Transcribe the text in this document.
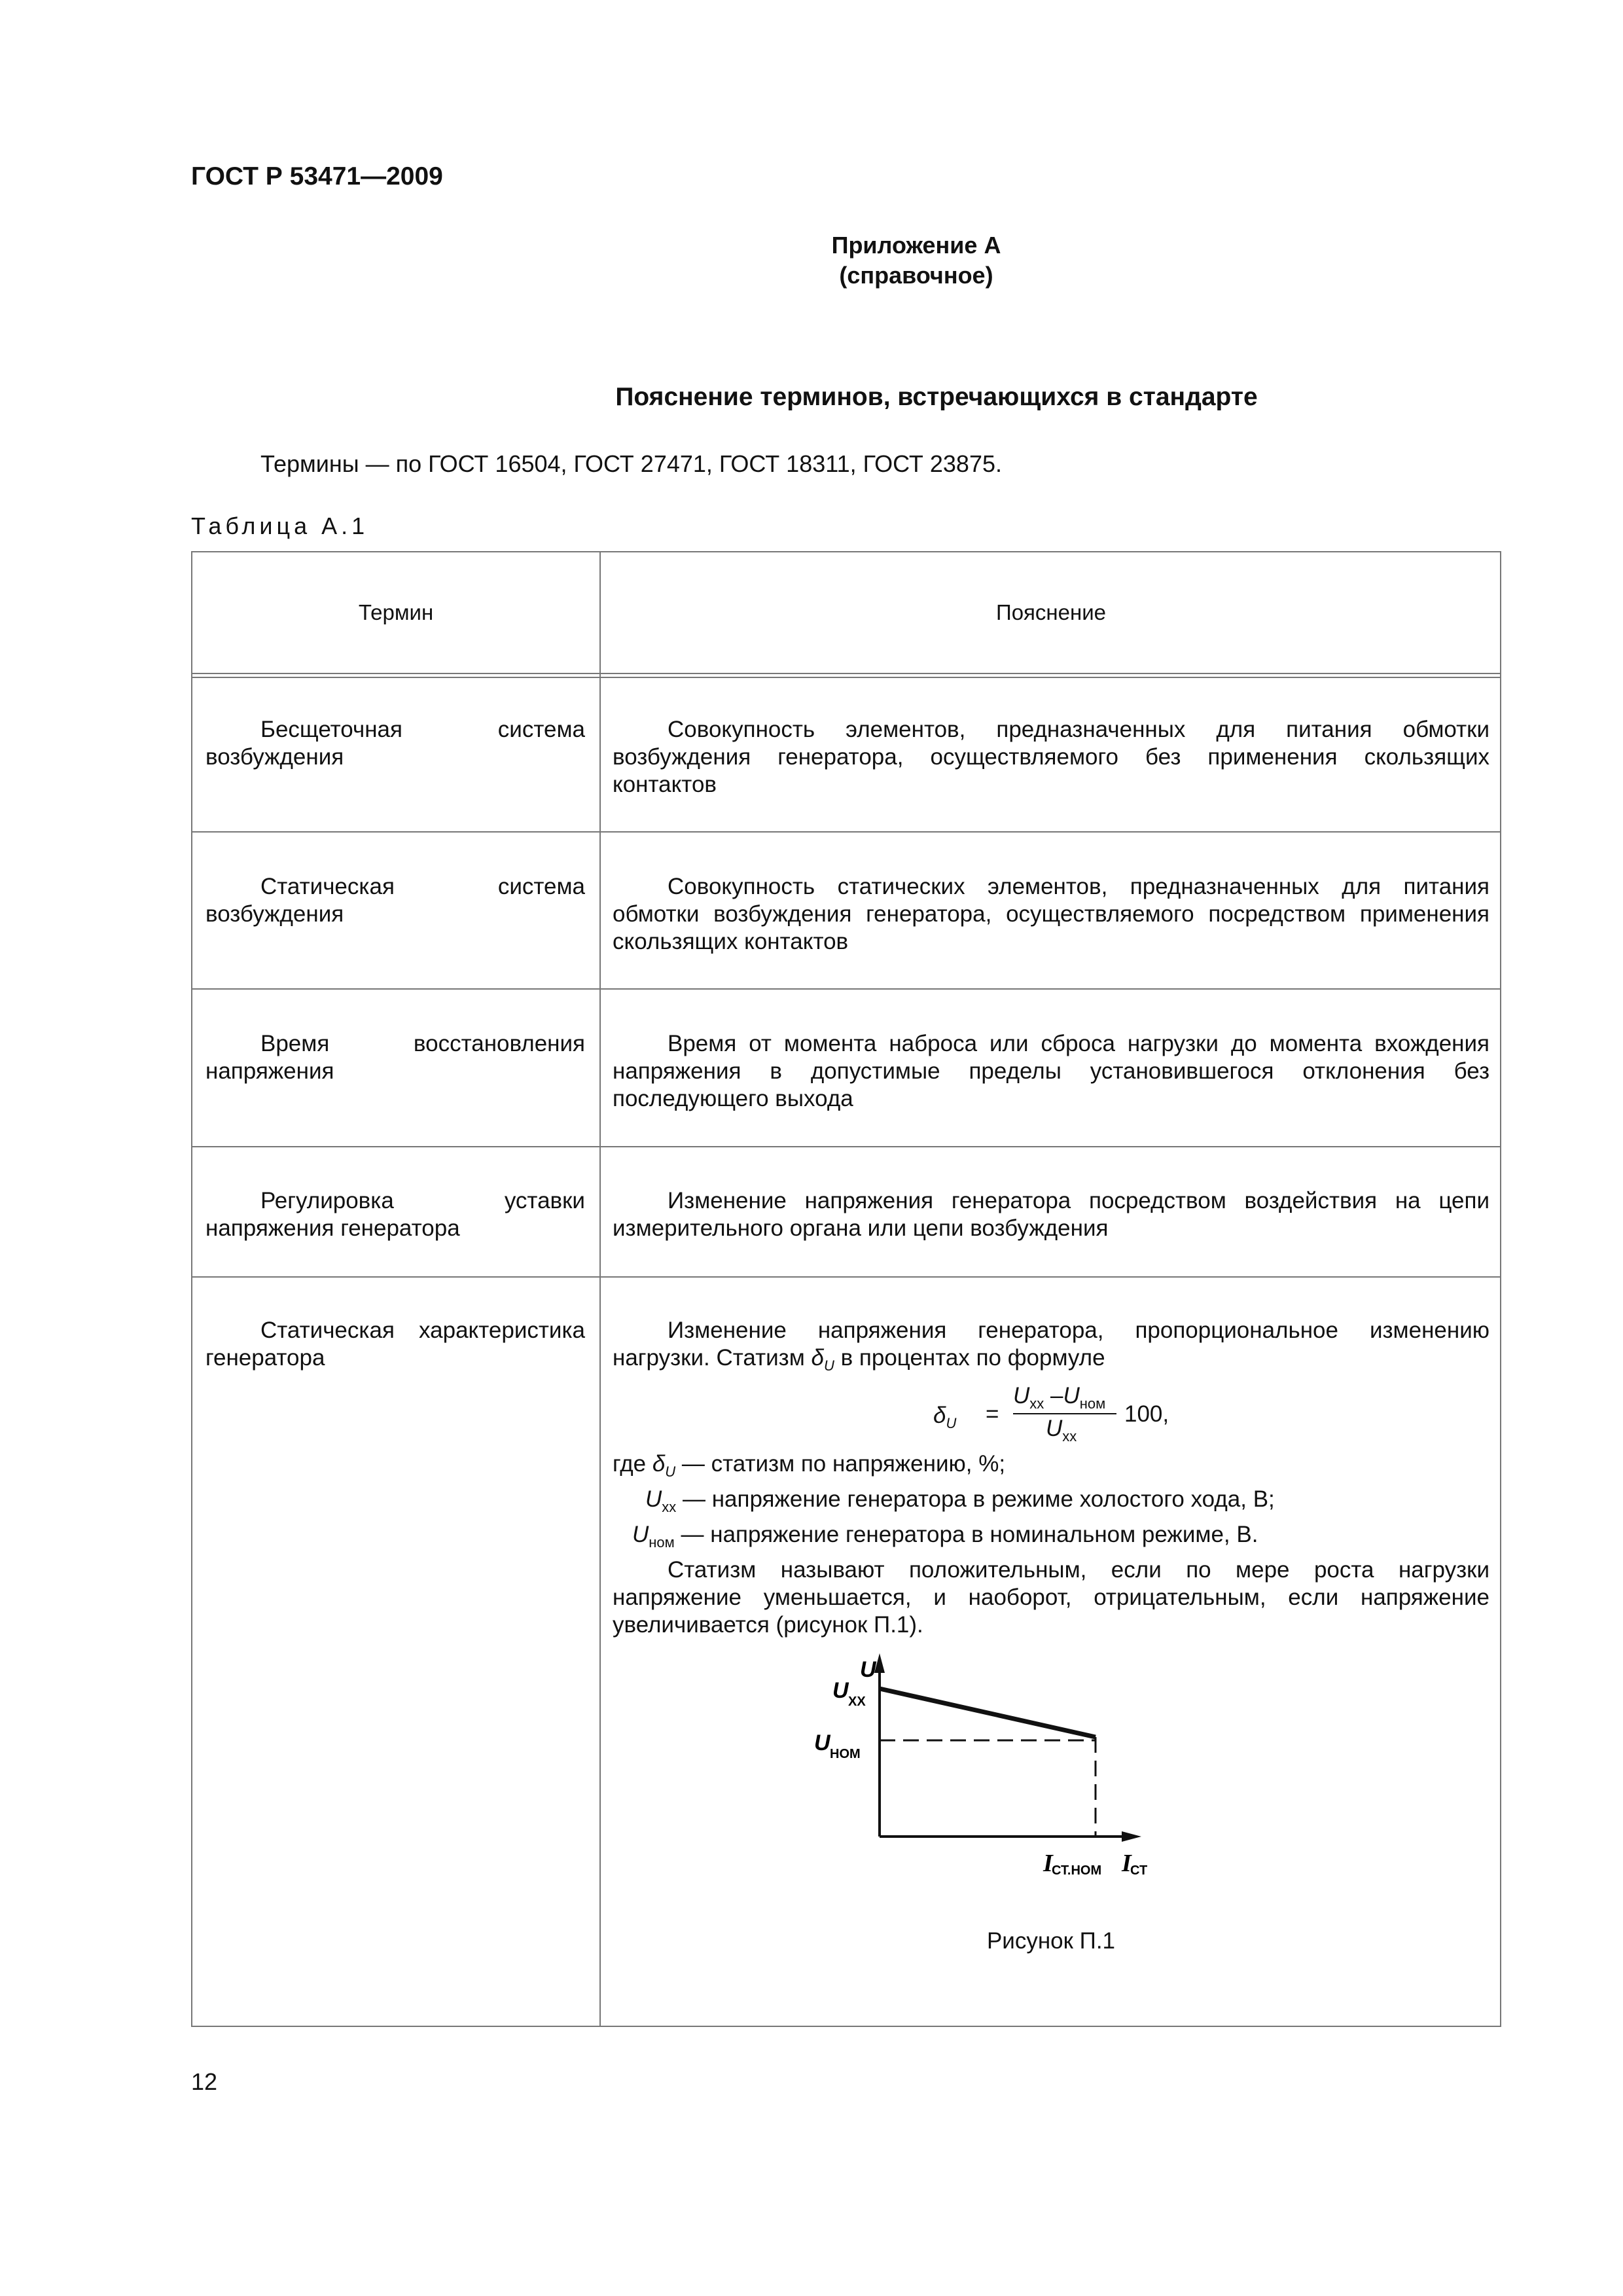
ГОСТ Р 53471—2009
Приложение А
(справочное)
Пояснение терминов, встречающихся в стандарте
Термины — по ГОСТ 16504, ГОСТ 27471, ГОСТ 18311, ГОСТ 23875.
Таблица А.1
Термин	Пояснение

Бесщеточная система возбуждения

Совокупность элементов, предназначенных для питания обмотки возбуждения генератора, осуществляемого без применения скользящих контактов

Статическая система возбуждения

Совокупность статических элементов, предназначенных для питания обмотки возбуждения генератора, осуществляемого посредством применения скользящих контактов

Время восстановления напряжения

Время от момента наброса или сброса нагрузки до момента вхождения напряжения в допустимые пределы установившегося отклонения без последующего выхода

Регулировка уставки напряжения генератора

Изменение напряжения генератора посредством воздействия на цепи измерительного органа или цепи возбуждения

Статическая характеристика генератора

Изменение напряжения генератора, пропорциональное изменению нагрузки. Статизм $\delta_U$ в процентах по формуле

$\delta_U$ =
$U_{xx}$ $-U_{ном}$
$U_{xx}$
100,
где $\delta_U$ — статизм по напряжению, %;
$U_{xx}$ — напряжение генератора в режиме холостого хода, В;
$U_{ном}$ — напряжение генератора в номинальном режиме, В.

Статизм называют положительным, если по мере роста нагрузки напряжение уменьшается, и наоборот, отрицательным, если напряжение увеличивается (рисунок П.1).

U
U XX
U НОМ
I
СТ.НОМ I
СТ
Рисунок П.1
12
